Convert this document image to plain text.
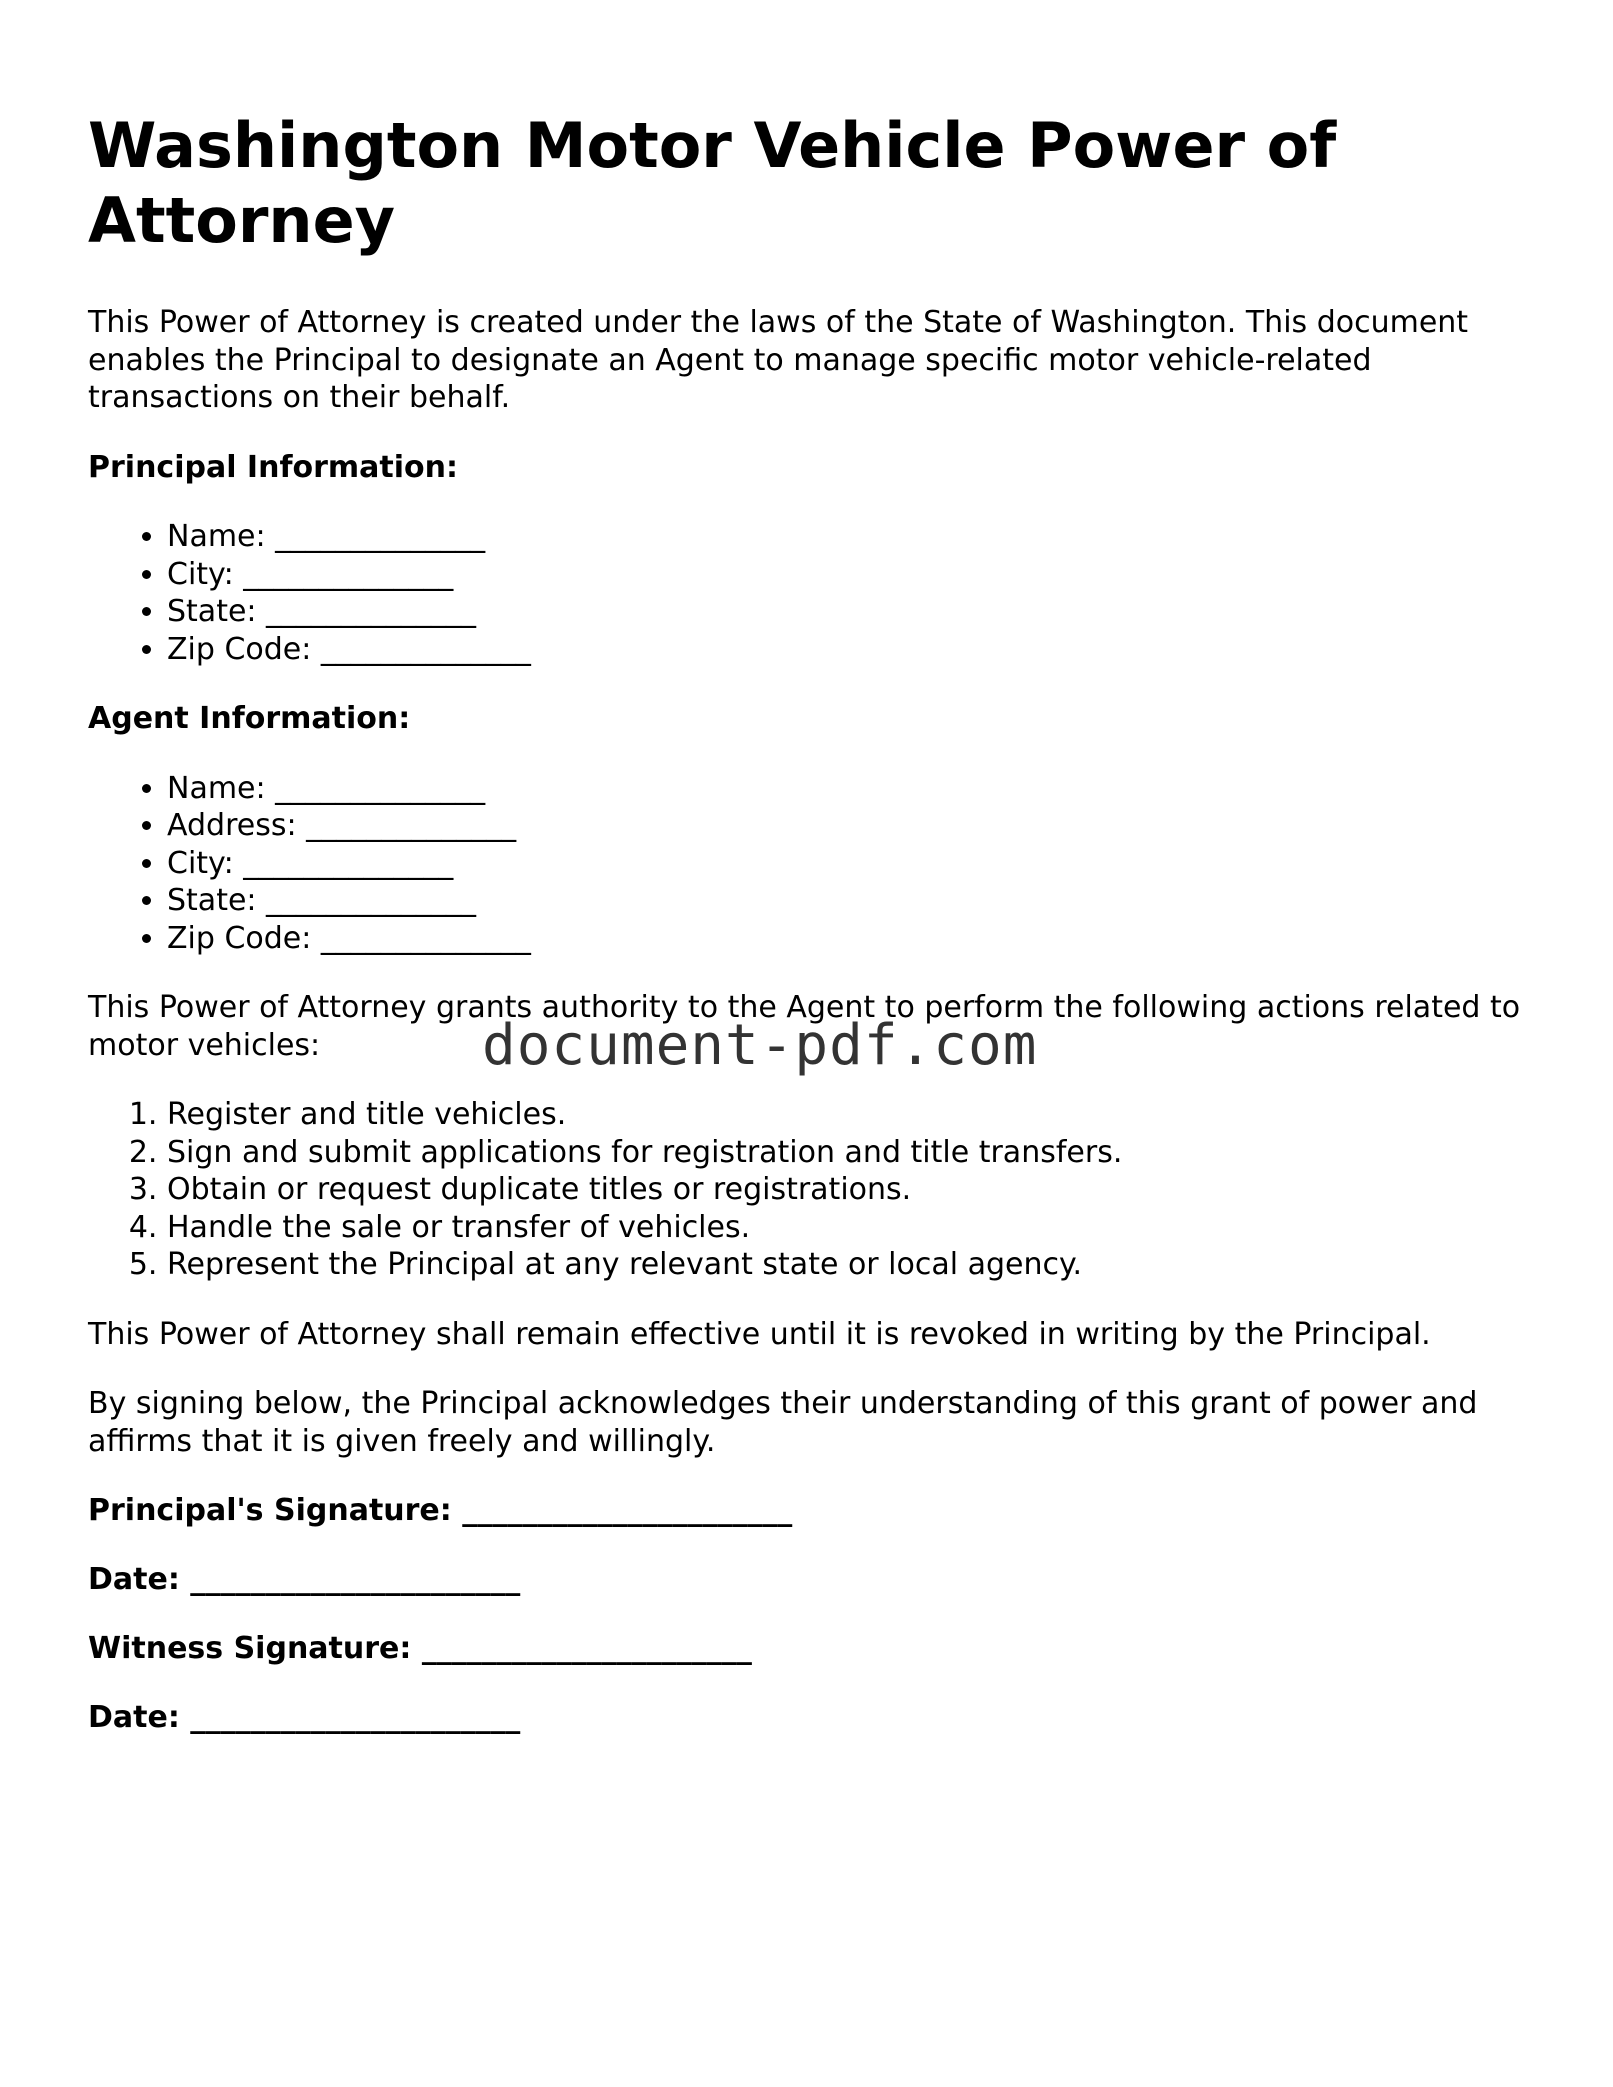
Washington Motor Vehicle Power of Attorney

This Power of Attorney is created under the laws of the State of Washington. This document enables the Principal to designate an Agent to manage specific motor vehicle-related transactions on their behalf.

Principal Information:
• Name: ______________
• City: ______________
• State: ______________
• Zip Code: ______________
Agent Information:
• Name: ______________
• Address: ______________
• City: ______________
• State: ______________
• Zip Code: ______________

This Power of Attorney grants authority to the Agent to perform the following actions related to motor vehicles:

1. Register and title vehicles.
2. Sign and submit applications for registration and title transfers.
3. Obtain or request duplicate titles or registrations.
4. Handle the sale or transfer of vehicles.
5. Represent the Principal at any relevant state or local agency.

This Power of Attorney shall remain effective until it is revoked in writing by the Principal.

By signing below, the Principal acknowledges their understanding of this grant of power and affirms that it is given freely and willingly.

Principal's Signature: ______________________
Date: ______________________
Witness Signature: ______________________
Date: ______________________
document-pdf.com
